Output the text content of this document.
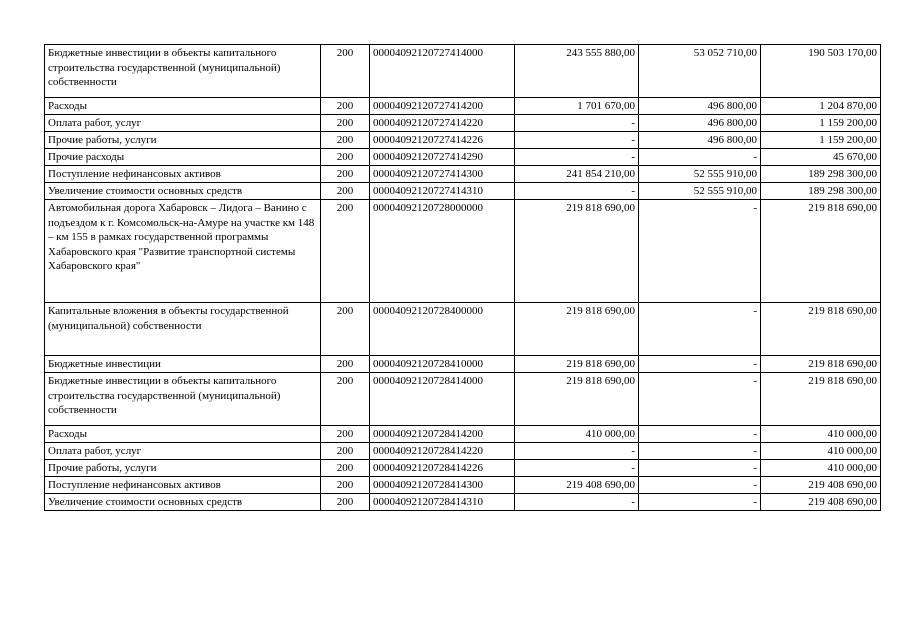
Бюджетные инвестиции в объекты капитального строительства государственной (муниципальной) собственности	200	00004092120727414000	243 555 880,00	53 052 710,00	190 503 170,00
Расходы	200	00004092120727414200	1 701 670,00	496 800,00	1 204 870,00
Оплата работ, услуг	200	00004092120727414220	-	496 800,00	1 159 200,00
Прочие работы, услуги	200	00004092120727414226	-	496 800,00	1 159 200,00
Прочие расходы	200	00004092120727414290	-	-	45 670,00
Поступление нефинансовых активов	200	00004092120727414300	241 854 210,00	52 555 910,00	189 298 300,00
Увеличение стоимости основных средств	200	00004092120727414310	-	52 555 910,00	189 298 300,00
Автомобильная дорога Хабаровск – Лидога – Ванино с подъездом к г. Комсомольск-на-Амуре на участке км 148 – км 155 в рамках государственной программы Хабаровского края "Развитие транспортной системы Хабаровского края"	200	00004092120728000000	219 818 690,00	-	219 818 690,00
Капитальные вложения в объекты государственной (муниципальной) собственности	200	00004092120728400000	219 818 690,00	-	219 818 690,00
Бюджетные инвестиции	200	00004092120728410000	219 818 690,00	-	219 818 690,00
Бюджетные инвестиции в объекты капитального строительства государственной (муниципальной) собственности	200	00004092120728414000	219 818 690,00	-	219 818 690,00
Расходы	200	00004092120728414200	410 000,00	-	410 000,00
Оплата работ, услуг	200	00004092120728414220	-	-	410 000,00
Прочие работы, услуги	200	00004092120728414226	-	-	410 000,00
Поступление нефинансовых активов	200	00004092120728414300	219 408 690,00	-	219 408 690,00
Увеличение стоимости основных средств	200	00004092120728414310	-	-	219 408 690,00
